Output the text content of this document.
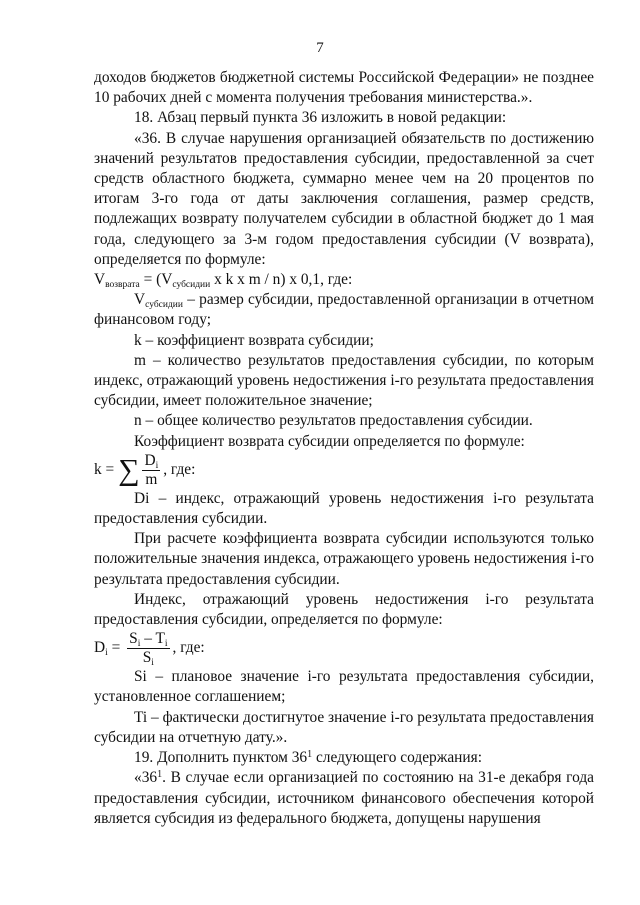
7

доходов бюджетов бюджетной системы Российской Федерации» не позднее 10 рабочих дней с момента получения требования министерства.».

18. Абзац первый пункта 36 изложить в новой редакции:

«36. В случае нарушения организацией обязательств по достижению значений результатов предоставления субсидии, предоставленной за счет средств областного бюджета, суммарно менее чем на 20 процентов по итогам 3-го года от даты заключения соглашения, размер средств, подлежащих возврату получателем субсидии в областной бюджет до 1 мая года, следующего за 3-м годом предоставления субсидии (V возврата), определяется по формуле:

$V_{возврата} = (V_{субсидии}$ x k x m / n) x 0,1, где:

$V_{субсидии}$ – размер субсидии, предоставленной организации в отчетном финансовом году;

k – коэффициент возврата субсидии;

m – количество результатов предоставления субсидии, по которым индекс, отражающий уровень недостижения i-го результата предоставления субсидии, имеет положительное значение;

n – общее количество результатов предоставления субсидии.

Коэффициент возврата субсидии определяется по формуле:

k = ∑ $\frac{D_i}{m}$ , где:

Di – индекс, отражающий уровень недостижения i-го результата предоставления субсидии.

При расчете коэффициента возврата субсидии используются только положительные значения индекса, отражающего уровень недостижения i-го результата предоставления субсидии.

Индекс, отражающий уровень недостижения i-го результата предоставления субсидии, определяется по формуле:

$D_i = \frac{S_i - T_i}{S_i}$ , где:

Si – плановое значение i-го результата предоставления субсидии, установленное соглашением;

Ti – фактически достигнутое значение i-го результата предоставления субсидии на отчетную дату.».

19. Дополнить пунктом $36^1$ следующего содержания:

«$36^1$. В случае если организацией по состоянию на 31-е декабря года предоставления субсидии, источником финансового обеспечения которой является субсидия из федерального бюджета, допущены нарушения
